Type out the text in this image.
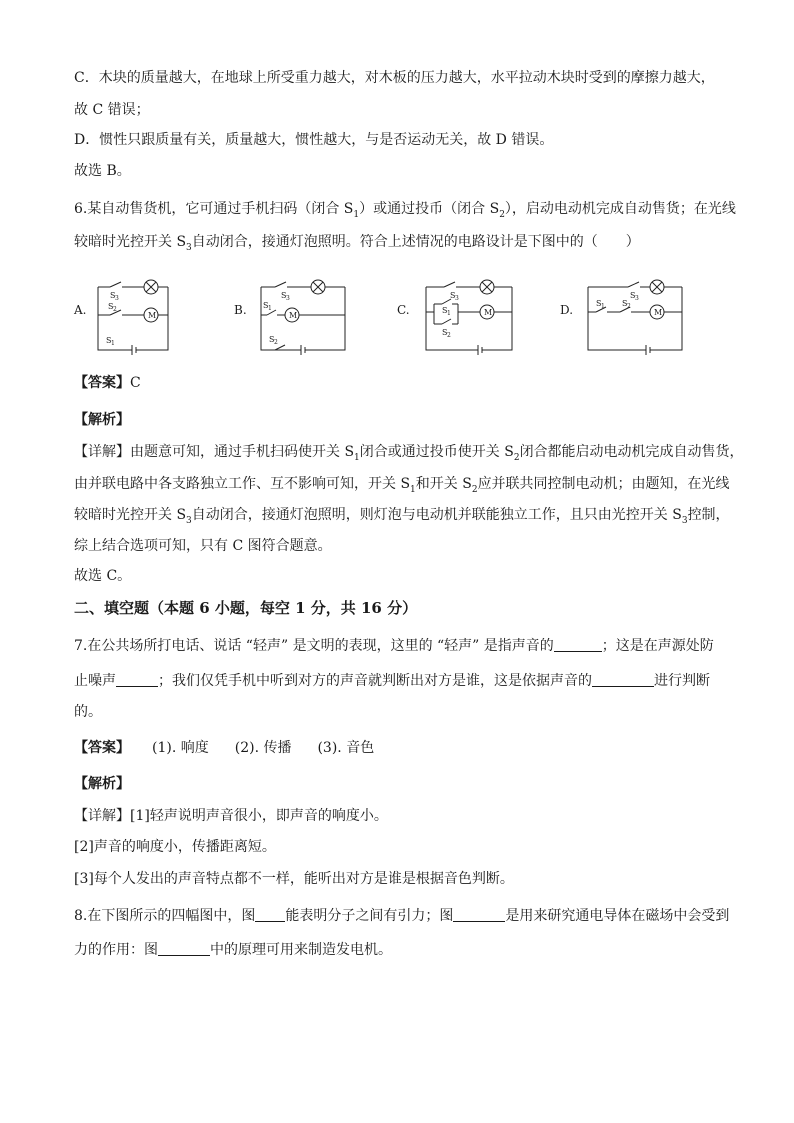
C．木块的质量越大，在地球上所受重力越大，对木板的压力越大，水平拉动木块时受到的摩擦力越大，
故 C 错误；
D．惯性只跟质量有关，质量越大，惯性越大，与是否运动无关，故 D 错误。
故选 B。
6.某自动售货机，它可通过手机扫码（闭合 $S_1$）或通过投币（闭合 $S_2$），启动电动机完成自动售货；在光线
较暗时光控开关 $S_3$自动闭合，接通灯泡照明。符合上述情况的电路设计是下图中的（　　）
A.	B.	C.	D.
M
S 3
S 2
S 1
M
S 3
S 1
S 2
M
S 3
S 1
S 2
M
S 3
S 1 S 2
【答案】C
【解析】
【详解】由题意可知，通过手机扫码使开关 $S_1$闭合或通过投币使开关 $S_2$闭合都能启动电动机完成自动售货，
由并联电路中各支路独立工作、互不影响可知，开关 $S_1$和开关 $S_2$应并联共同控制电动机；由题知，在光线
较暗时光控开关 $S_3$自动闭合，接通灯泡照明，则灯泡与电动机并联能独立工作，且只由光控开关 $S_3$控制，
综上结合选项可知，只有 C 图符合题意。
故选 C。
二、填空题（本题 6 小题，每空 1 分，共 16 分）
7.在公共场所打电话、说话 “轻声” 是文明的表现，这里的 “轻声” 是指声音的	；这是在声源处防
止噪声	；我们仅凭手机中听到对方的声音就判断出对方是谁，这是依据声音的	进行判断
的。
【答案】 (1). 响度 (2). 传播 (3). 音色
【解析】
【详解】[1]轻声说明声音很小，即声音的响度小。
[2]声音的响度小，传播距离短。
[3]每个人发出的声音特点都不一样，能听出对方是谁是根据音色判断。
8.在下图所示的四幅图中，图 能表明分子之间有引力；图	是用来研究通电导体在磁场中会受到
力的作用：图	中的原理可用来制造发电机。
